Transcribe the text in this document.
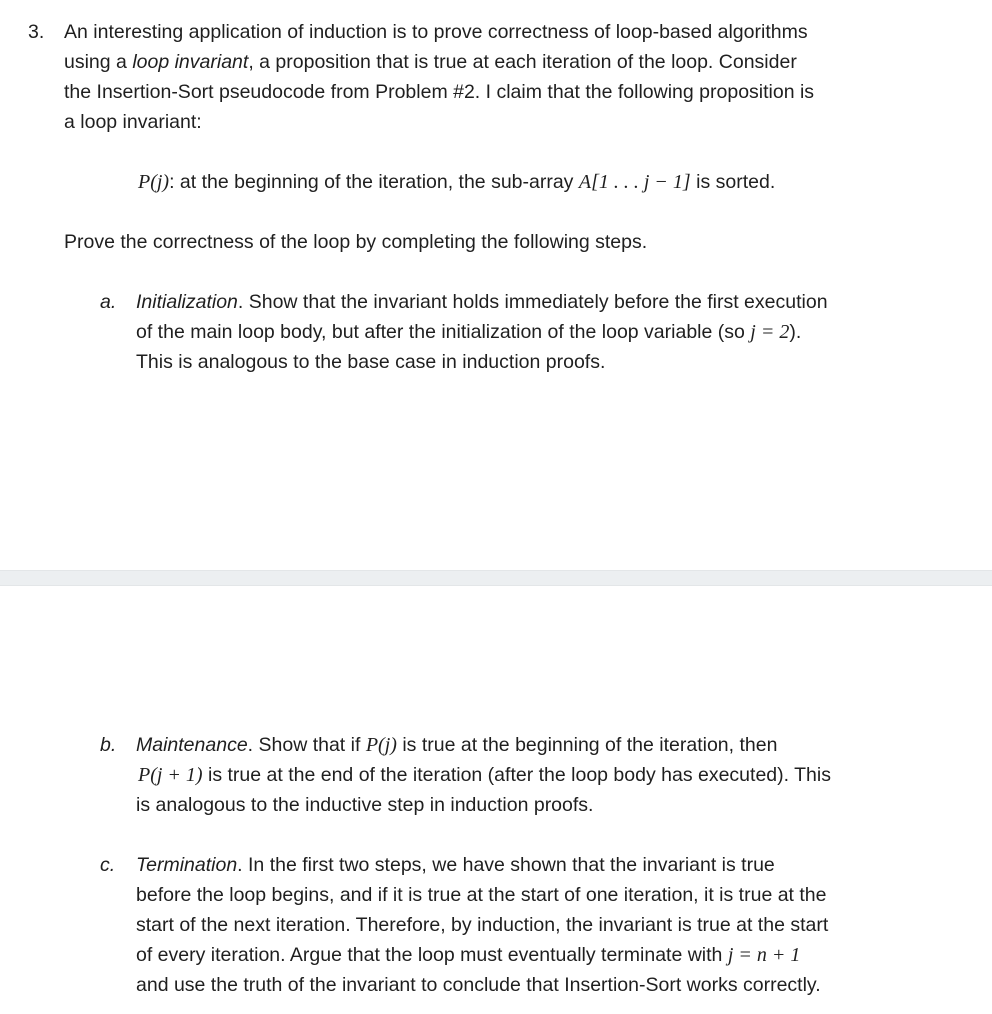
3. An interesting application of induction is to prove correctness of loop-based algorithms
using a loop invariant, a proposition that is true at each iteration of the loop. Consider
the Insertion-Sort pseudocode from Problem #2. I claim that the following proposition is
a loop invariant:
P(j): at the beginning of the iteration, the sub-array A[1 . . . j − 1] is sorted.
Prove the correctness of the loop by completing the following steps.
a. Initialization. Show that the invariant holds immediately before the first execution
of the main loop body, but after the initialization of the loop variable (so j = 2).
This is analogous to the base case in induction proofs.
b. Maintenance. Show that if P(j) is true at the beginning of the iteration, then
P(j + 1) is true at the end of the iteration (after the loop body has executed). This
is analogous to the inductive step in induction proofs.
c. Termination. In the first two steps, we have shown that the invariant is true
before the loop begins, and if it is true at the start of one iteration, it is true at the
start of the next iteration. Therefore, by induction, the invariant is true at the start
of every iteration. Argue that the loop must eventually terminate with j = n + 1
and use the truth of the invariant to conclude that Insertion-Sort works correctly.
